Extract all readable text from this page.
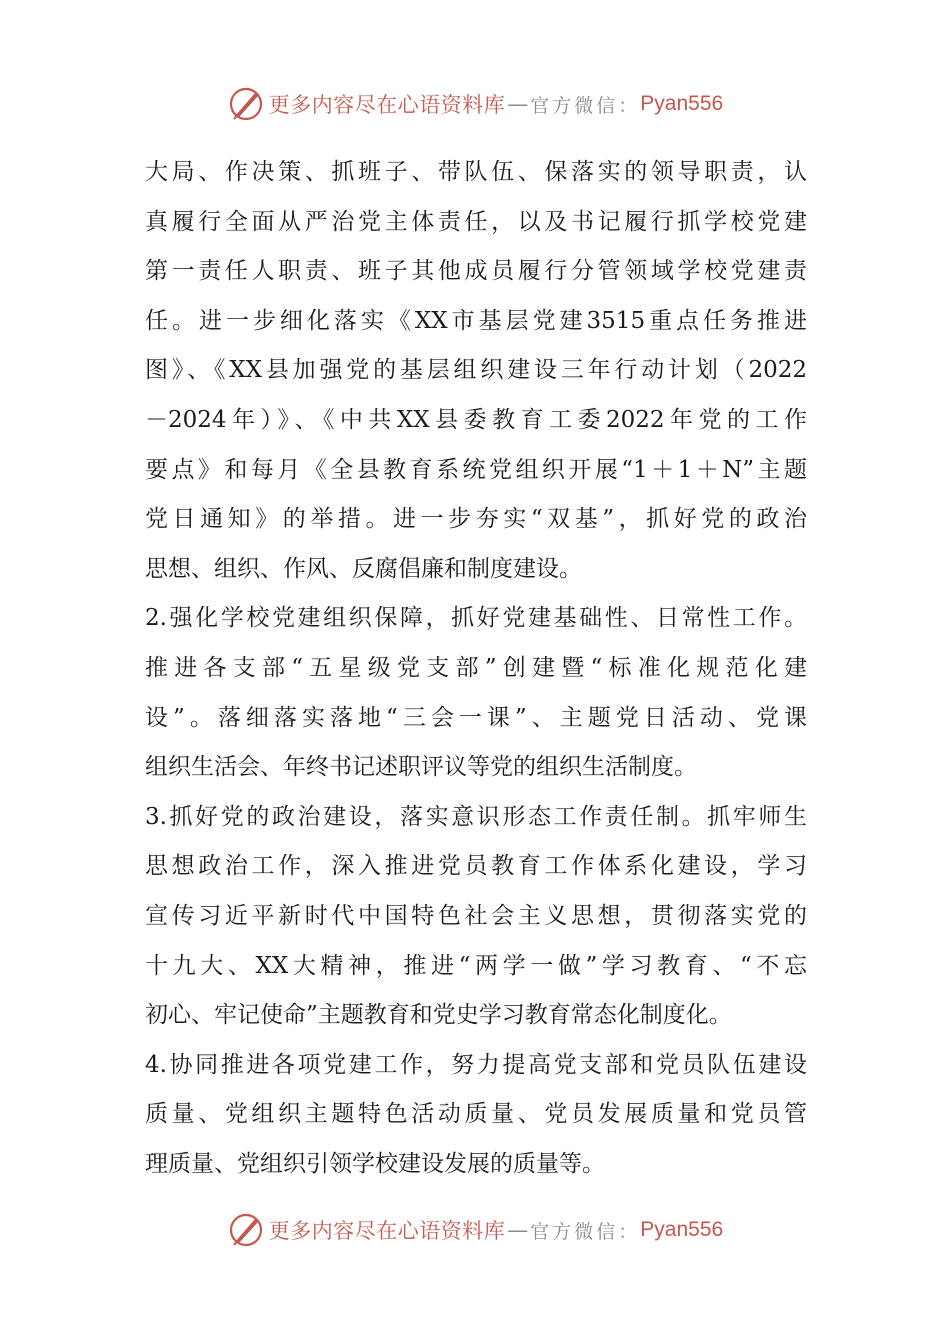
更多内容尽在心语资料库 — 官方微信： Pyan556
大局、作决策、抓班子、带队伍、保落实的领导职责，认
真履行全面从严治党主体责任，以及书记履行抓学校党建
第一责任人职责、班子其他成员履行分管领域学校党建责
任。进一步细化落实《XX市基层党建3515重点任务推进
图》、《XX县加强党的基层组织建设三年行动计划（2022
－2024年）》、《中共XX县委教育工委2022年党的工作
要点》和每月《全县教育系统党组织开展“1＋1＋N”主题
党日通知》的举措。进一步夯实“双基”，抓好党的政治
思想、组织、作风、反腐倡廉和制度建设。
2.强化学校党建组织保障，抓好党建基础性、日常性工作。
推进各支部“五星级党支部”创建暨“标准化规范化建
设”。落细落实落地“三会一课”、主题党日活动、党课
组织生活会、年终书记述职评议等党的组织生活制度。
3.抓好党的政治建设，落实意识形态工作责任制。抓牢师生
思想政治工作，深入推进党员教育工作体系化建设，学习
宣传习近平新时代中国特色社会主义思想，贯彻落实党的
十九大、XX大精神，推进“两学一做”学习教育、“不忘
初心、牢记使命”主题教育和党史学习教育常态化制度化。
4.协同推进各项党建工作，努力提高党支部和党员队伍建设
质量、党组织主题特色活动质量、党员发展质量和党员管
理质量、党组织引领学校建设发展的质量等。
更多内容尽在心语资料库 — 官方微信： Pyan556
